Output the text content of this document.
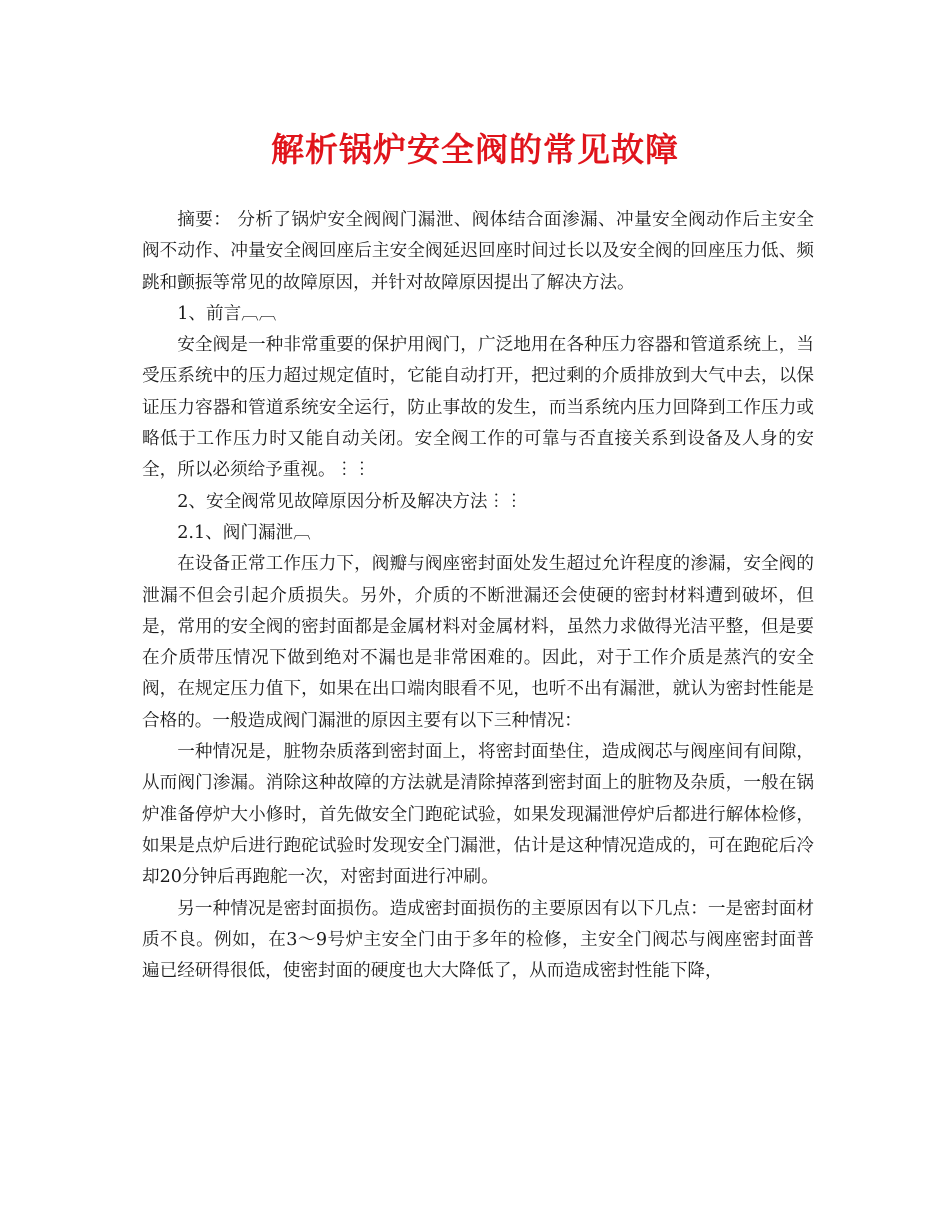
解析锅炉安全阀的常见故障

摘要： 分析了锅炉安全阀阀门漏泄、阀体结合面渗漏、冲量安全阀动作后主安全阀不动作、冲量安全阀回座后主安全阀延迟回座时间过长以及安全阀的回座压力低、频跳和颤振等常见的故障原因，并针对故障原因提出了解决方法。

1、前言︹︹

安全阀是一种非常重要的保护用阀门，广泛地用在各种压力容器和管道系统上，当受压系统中的压力超过规定值时，它能自动打开，把过剩的介质排放到大气中去，以保证压力容器和管道系统安全运行，防止事故的发生，而当系统内压力回降到工作压力或略低于工作压力时又能自动关闭。安全阀工作的可靠与否直接关系到设备及人身的安全，所以必须给予重视。︙︙

2、安全阀常见故障原因分析及解决方法︙︙

2.1、阀门漏泄︹

在设备正常工作压力下，阀瓣与阀座密封面处发生超过允许程度的渗漏，安全阀的泄漏不但会引起介质损失。另外，介质的不断泄漏还会使硬的密封材料遭到破坏，但是，常用的安全阀的密封面都是金属材料对金属材料，虽然力求做得光洁平整，但是要在介质带压情况下做到绝对不漏也是非常困难的。因此，对于工作介质是蒸汽的安全阀，在规定压力值下，如果在出口端肉眼看不见，也听不出有漏泄，就认为密封性能是合格的。一般造成阀门漏泄的原因主要有以下三种情况：

一种情况是，脏物杂质落到密封面上，将密封面垫住，造成阀芯与阀座间有间隙，从而阀门渗漏。消除这种故障的方法就是清除掉落到密封面上的脏物及杂质，一般在锅炉准备停炉大小修时，首先做安全门跑砣试验，如果发现漏泄停炉后都进行解体检修，如果是点炉后进行跑砣试验时发现安全门漏泄，估计是这种情况造成的，可在跑砣后冷却20分钟后再跑舵一次，对密封面进行冲刷。

另一种情况是密封面损伤。造成密封面损伤的主要原因有以下几点：一是密封面材质不良。例如，在3～9号炉主安全门由于多年的检修，主安全门阀芯与阀座密封面普遍已经研得很低，使密封面的硬度也大大降低了，从而造成密封性能下降，
